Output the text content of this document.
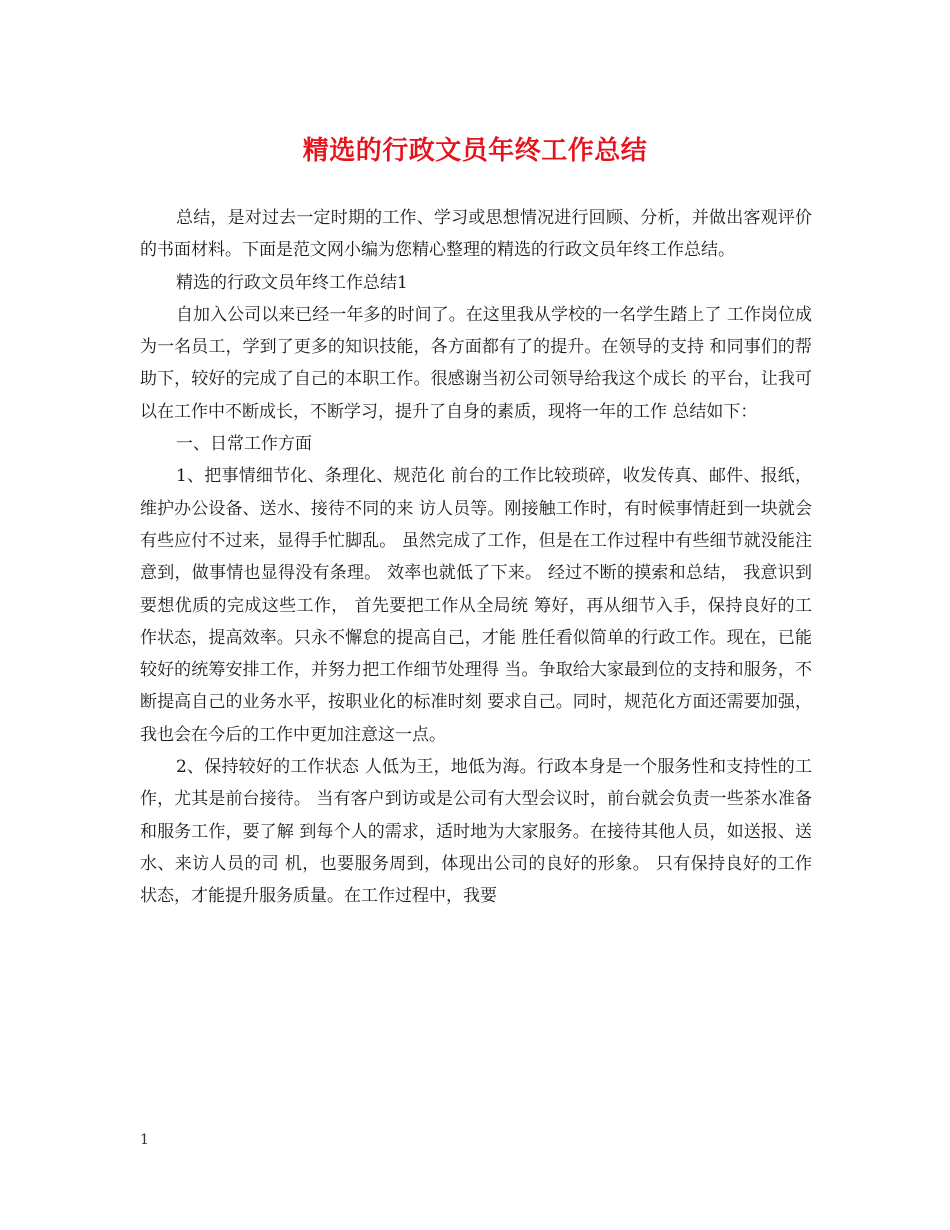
精选的行政文员年终工作总结

总结，是对过去一定时期的工作、学习或思想情况进行回顾、分析，并做出客观评价的书面材料。下面是范文网小编为您精心整理的精选的行政文员年终工作总结。

精选的行政文员年终工作总结1

自加入公司以来已经一年多的时间了。在这里我从学校的一名学生踏上了 工作岗位成为一名员工，学到了更多的知识技能，各方面都有了的提升。在领导的支持 和同事们的帮助下，较好的完成了自己的本职工作。很感谢当初公司领导给我这个成长 的平台，让我可以在工作中不断成长，不断学习，提升了自身的素质，现将一年的工作 总结如下：

一、日常工作方面

1、把事情细节化、条理化、规范化 前台的工作比较琐碎，收发传真、邮件、报纸，维护办公设备、送水、接待不同的来 访人员等。刚接触工作时，有时候事情赶到一块就会有些应付不过来，显得手忙脚乱。 虽然完成了工作，但是在工作过程中有些细节就没能注意到，做事情也显得没有条理。 效率也就低了下来。 经过不断的摸索和总结， 我意识到要想优质的完成这些工作， 首先要把工作从全局统 筹好，再从细节入手，保持良好的工作状态，提高效率。只永不懈怠的提高自己，才能 胜任看似简单的行政工作。现在，已能较好的统筹安排工作，并努力把工作细节处理得 当。争取给大家最到位的支持和服务，不断提高自己的业务水平，按职业化的标准时刻 要求自己。同时，规范化方面还需要加强，我也会在今后的工作中更加注意这一点。

2、保持较好的工作状态 人低为王，地低为海。行政本身是一个服务性和支持性的工作，尤其是前台接待。 当有客户到访或是公司有大型会议时，前台就会负责一些茶水准备和服务工作，要了解 到每个人的需求，适时地为大家服务。在接待其他人员，如送报、送水、来访人员的司 机，也要服务周到，体现出公司的良好的形象。 只有保持良好的工作状态，才能提升服务质量。在工作过程中，我要

1
